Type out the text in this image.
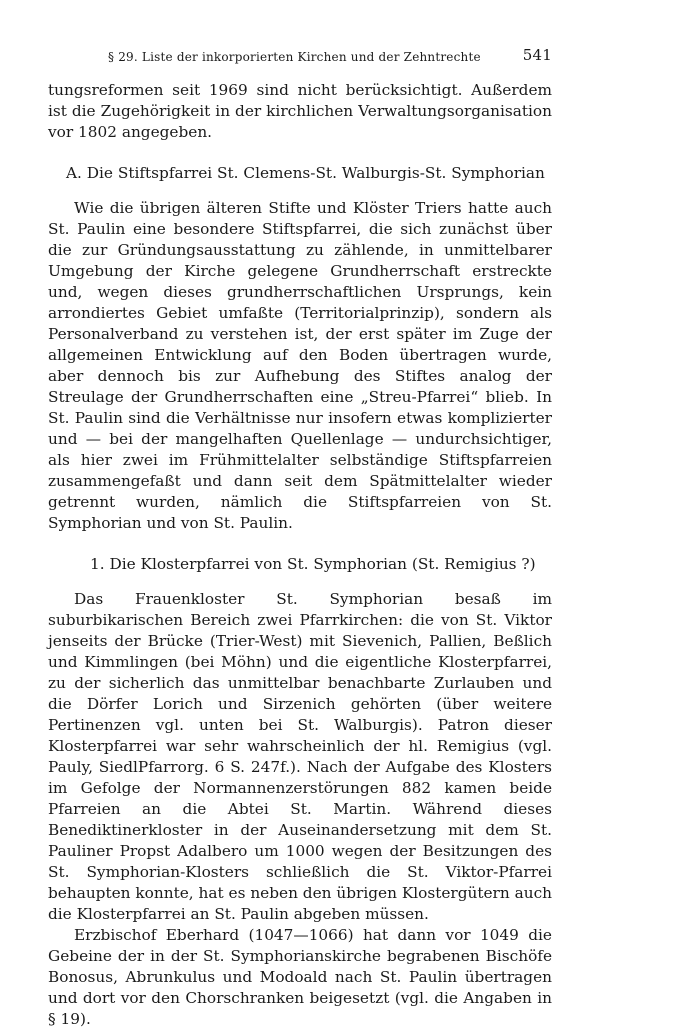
§ 29. Liste der inkorporierten Kirchen und der Zehntrechte	541

tungsreformen seit 1969 sind nicht berücksichtigt. Außerdem ist die Zugehörigkeit in der kirchlichen Verwaltungsorganisation vor 1802 angegeben.

A. Die Stiftspfarrei St. Clemens-St. Walburgis-St. Symphorian

Wie die übrigen älteren Stifte und Klöster Triers hatte auch St. Paulin eine besondere Stiftspfarrei, die sich zunächst über die zur Gründungsausstattung zu zählende, in unmittelbarer Umgebung der Kirche gelegene Grundherrschaft erstreckte und, wegen dieses grundherrschaftlichen Ursprungs, kein arrondiertes Gebiet umfaßte (Territorialprinzip), sondern als Personalverband zu verstehen ist, der erst später im Zuge der allgemeinen Entwicklung auf den Boden übertragen wurde, aber dennoch bis zur Aufhebung des Stiftes analog der Streulage der Grundherrschaften eine „Streu-Pfarrei“ blieb. In St. Paulin sind die Verhältnisse nur insofern etwas komplizierter und — bei der mangelhaften Quellenlage — undurchsichtiger, als hier zwei im Frühmittelalter selbständige Stiftspfarreien zusammengefaßt und dann seit dem Spätmittelalter wieder getrennt wurden, nämlich die Stiftspfarreien von St. Symphorian und von St. Paulin.

1. Die Klosterpfarrei von St. Symphorian (St. Remigius ?)

Das Frauenkloster St. Symphorian besaß im suburbikarischen Bereich zwei Pfarrkirchen: die von St. Viktor jenseits der Brücke (Trier-West) mit Sievenich, Pallien, Beßlich und Kimmlingen (bei Möhn) und die eigentliche Klosterpfarrei, zu der sicherlich das unmittelbar benachbarte Zurlauben und die Dörfer Lorich und Sirzenich gehörten (über weitere Pertinenzen vgl. unten bei St. Walburgis). Patron dieser Klosterpfarrei war sehr wahrscheinlich der hl. Remigius (vgl. Pauly, SiedlPfarrorg. 6 S. 247f.). Nach der Aufgabe des Klosters im Gefolge der Normannenzerstörungen 882 kamen beide Pfarreien an die Abtei St. Martin. Während dieses Benediktinerkloster in der Auseinandersetzung mit dem St. Pauliner Propst Adalbero um 1000 wegen der Besitzungen des St. Symphorian-Klosters schließlich die St. Viktor-Pfarrei behaupten konnte, hat es neben den übrigen Klostergütern auch die Klosterpfarrei an St. Paulin abgeben müssen.

Erzbischof Eberhard (1047—1066) hat dann vor 1049 die Gebeine der in der St. Symphorianskirche begrabenen Bischöfe Bonosus, Abrunkulus und Modoald nach St. Paulin übertragen und dort vor den Chorschranken beigesetzt (vgl. die Angaben in § 19).
